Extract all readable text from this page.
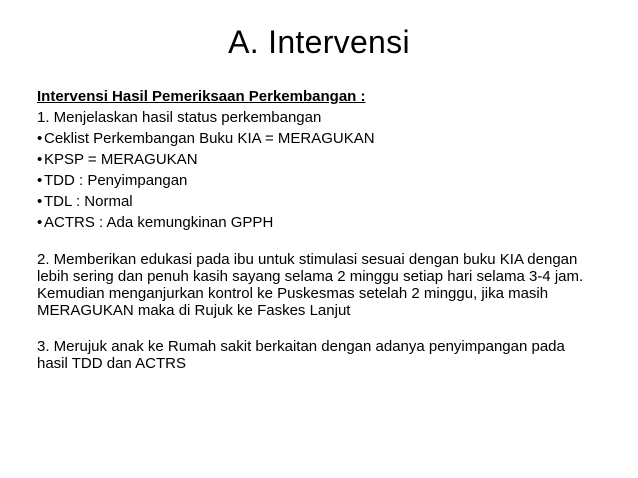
A. Intervensi

Intervensi Hasil Pemeriksaan Perkembangan :

1. Menjelaskan hasil status perkembangan

• Ceklist Perkembangan Buku KIA = MERAGUKAN

• KPSP = MERAGUKAN

• TDD : Penyimpangan

• TDL : Normal

• ACTRS : Ada kemungkinan GPPH

2. Memberikan edukasi pada ibu untuk stimulasi sesuai dengan buku KIA dengan lebih sering dan penuh kasih sayang selama 2 minggu setiap hari selama 3-4 jam. Kemudian menganjurkan kontrol ke Puskesmas setelah 2 minggu, jika masih MERAGUKAN maka di Rujuk ke Faskes Lanjut

3. Merujuk anak ke Rumah sakit berkaitan dengan adanya penyimpangan pada hasil TDD dan ACTRS
